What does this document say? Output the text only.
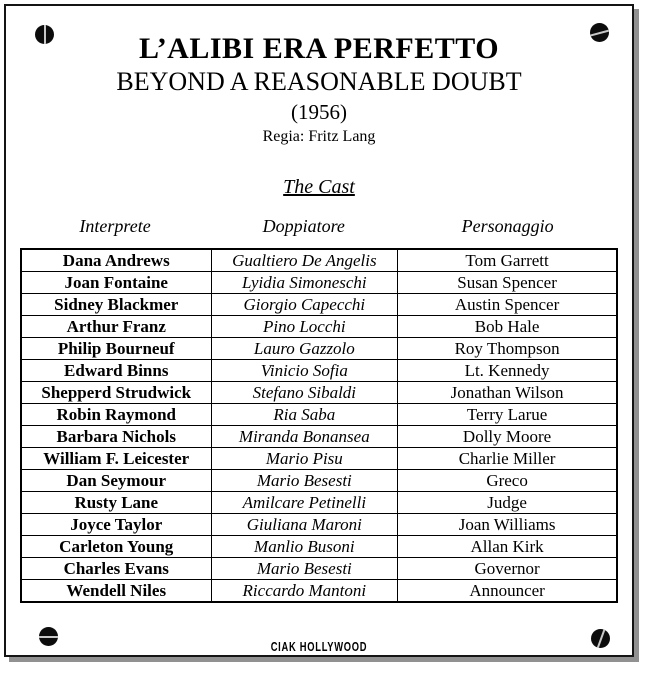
L’ALIBI ERA PERFETTO
BEYOND A REASONABLE DOUBT
(1956)
Regia: Fritz Lang
The Cast
Interprete	Doppiatore	Personaggio
Dana Andrews	Gualtiero De Angelis	Tom Garrett
Joan Fontaine	Lyidia Simoneschi	Susan Spencer
Sidney Blackmer	Giorgio Capecchi	Austin Spencer
Arthur Franz	Pino Locchi	Bob Hale
Philip Bourneuf	Lauro Gazzolo	Roy Thompson
Edward Binns	Vinicio Sofia	Lt. Kennedy
Shepperd Strudwick	Stefano Sibaldi	Jonathan Wilson
Robin Raymond	Ria Saba	Terry Larue
Barbara Nichols	Miranda Bonansea	Dolly Moore
William F. Leicester	Mario Pisu	Charlie Miller
Dan Seymour	Mario Besesti	Greco
Rusty Lane	Amilcare Petinelli	Judge
Joyce Taylor	Giuliana Maroni	Joan Williams
Carleton Young	Manlio Busoni	Allan Kirk
Charles Evans	Mario Besesti	Governor
Wendell Niles	Riccardo Mantoni	Announcer
CIAK HOLLYWOOD
